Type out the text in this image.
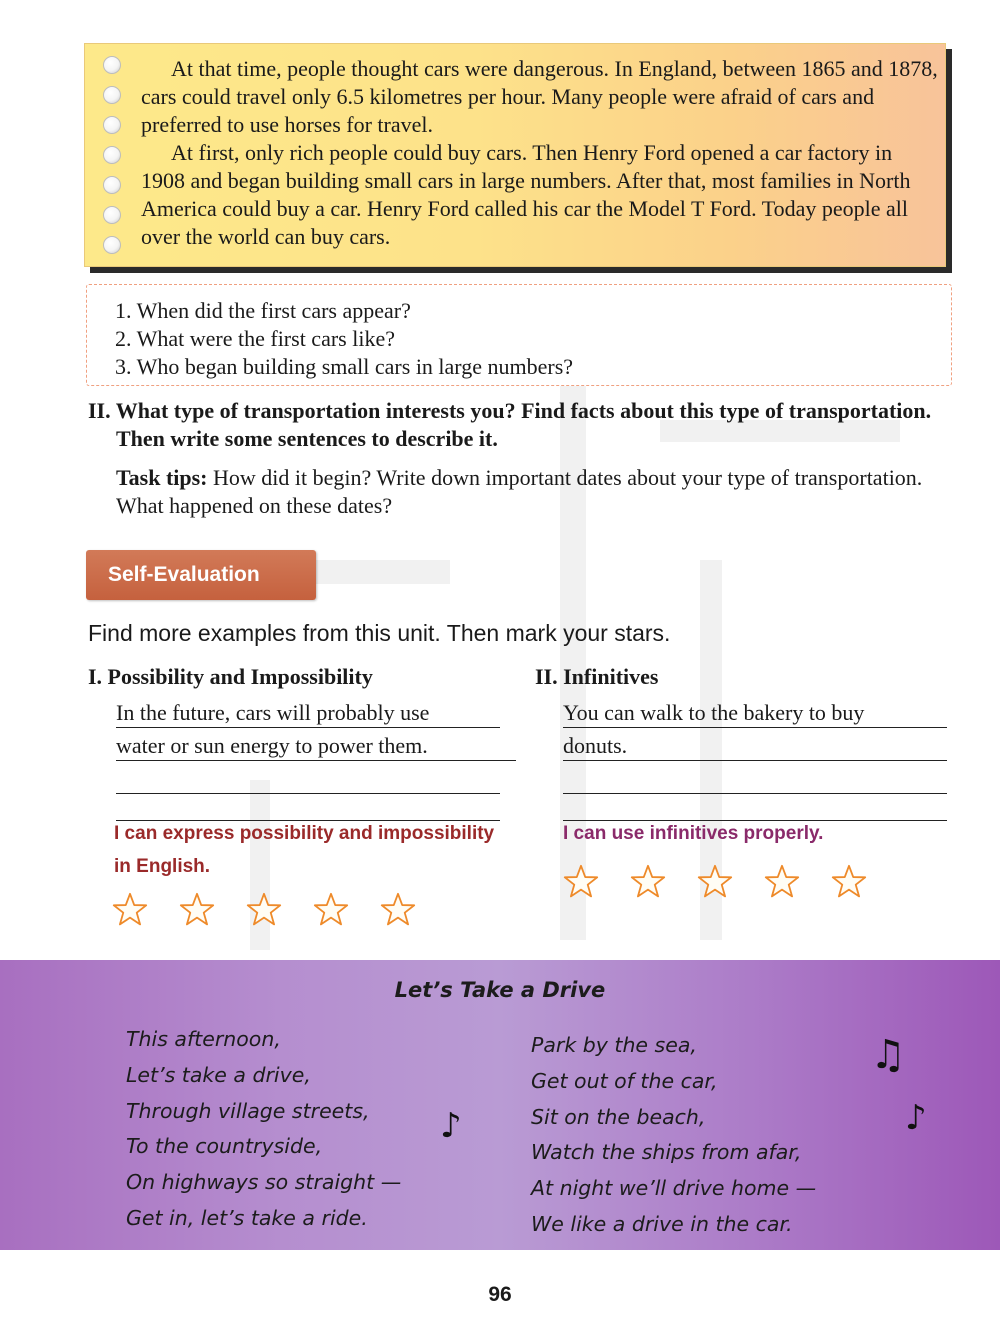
At that time, people thought cars were dangerous. In England, between 1865 and 1878, cars could travel only 6.5 kilometres per hour. Many people were afraid of cars and preferred to use horses for travel.

At first, only rich people could buy cars. Then Henry Ford opened a car factory in 1908 and began building small cars in large numbers. After that, most families in North America could buy a car. Henry Ford called his car the Model T Ford. Today people all over the world can buy cars.

1. When did the first cars appear?
2. What were the first cars like?
3. Who began building small cars in large numbers?
II. What type of transportation interests you? Find facts about this type of transportation. Then write some sentences to describe it.
Task tips: How did it begin? Write down important dates about your type of transportation. What happened on these dates?
Self-Evaluation
Find more examples from this unit. Then mark your stars.
I. Possibility and Impossibility
In the future, cars will probably use
water or sun energy to power them.
I can express possibility and impossibility
in English.
II. Infinitives
You can walk to the bakery to buy
donuts.
I can use infinitives properly.
Let’s Take a Drive
This afternoon,
Let’s take a drive,
Through village streets,
To the countryside,
On highways so straight —
Get in, let’s take a ride.
Park by the sea,
Get out of the car,
Sit on the beach,
Watch the ships from afar,
At night we’ll drive home —
We like a drive in the car.
♪
♫
♪
96
